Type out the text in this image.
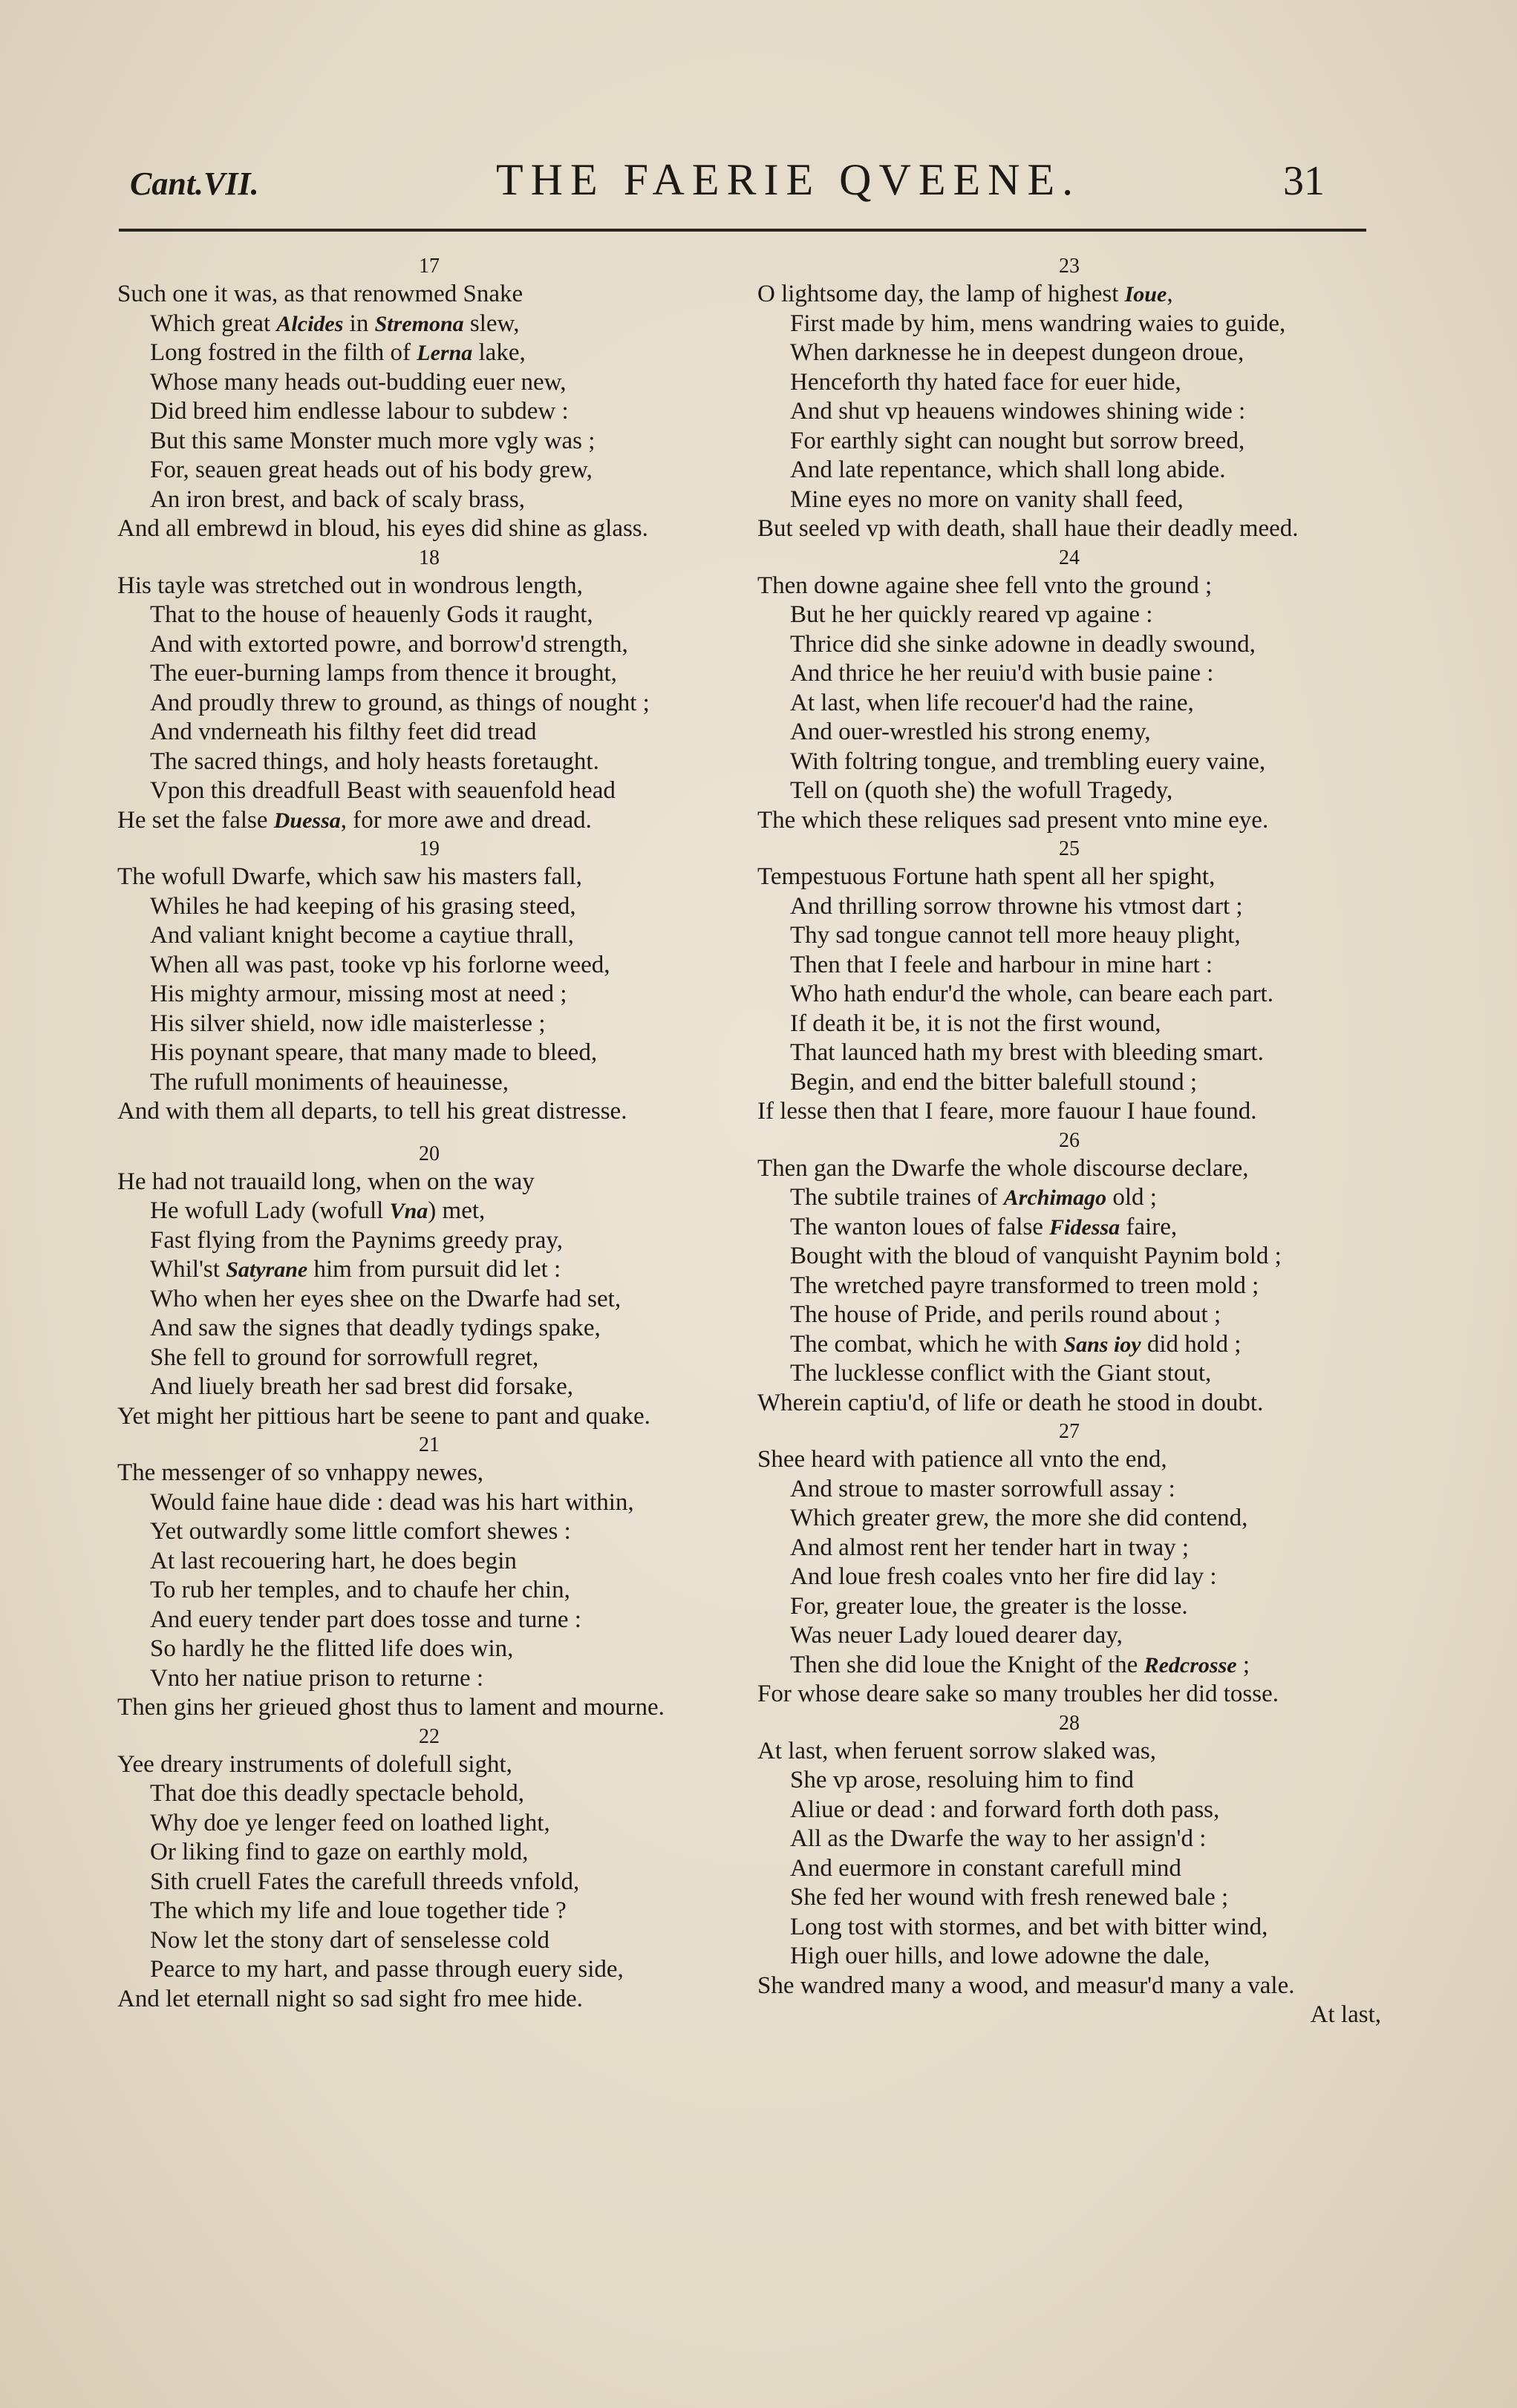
Cant.VII.	THE FAERIE QVEENE.	31
17
Such one it was, as that renowmed Snake
Which great Alcides in Stremona slew,
Long fostred in the filth of Lerna lake,
Whose many heads out-budding euer new,
Did breed him endlesse labour to subdew :
But this same Monster much more vgly was ;
For, seauen great heads out of his body grew,
An iron brest, and back of scaly brass,
And all embrewd in bloud, his eyes did shine as glass.
18
His tayle was stretched out in wondrous length,
That to the house of heauenly Gods it raught,
And with extorted powre, and borrow'd strength,
The euer-burning lamps from thence it brought,
And proudly threw to ground, as things of nought ;
And vnderneath his filthy feet did tread
The sacred things, and holy heasts foretaught.
Vpon this dreadfull Beast with seauenfold head
He set the false Duessa, for more awe and dread.
19
The wofull Dwarfe, which saw his masters fall,
Whiles he had keeping of his grasing steed,
And valiant knight become a caytiue thrall,
When all was past, tooke vp his forlorne weed,
His mighty armour, missing most at need ;
His silver shield, now idle maisterlesse ;
His poynant speare, that many made to bleed,
The rufull moniments of heauinesse,
And with them all departs, to tell his great distresse.
20
He had not trauaild long, when on the way
He wofull Lady (wofull Vna) met,
Fast flying from the Paynims greedy pray,
Whil'st Satyrane him from pursuit did let :
Who when her eyes shee on the Dwarfe had set,
And saw the signes that deadly tydings spake,
She fell to ground for sorrowfull regret,
And liuely breath her sad brest did forsake,
Yet might her pittious hart be seene to pant and quake.
21
The messenger of so vnhappy newes,
Would faine haue dide : dead was his hart within,
Yet outwardly some little comfort shewes :
At last recouering hart, he does begin
To rub her temples, and to chaufe her chin,
And euery tender part does tosse and turne :
So hardly he the flitted life does win,
Vnto her natiue prison to returne :
Then gins her grieued ghost thus to lament and mourne.
22
Yee dreary instruments of dolefull sight,
That doe this deadly spectacle behold,
Why doe ye lenger feed on loathed light,
Or liking find to gaze on earthly mold,
Sith cruell Fates the carefull threeds vnfold,
The which my life and loue together tide ?
Now let the stony dart of senselesse cold
Pearce to my hart, and passe through euery side,
And let eternall night so sad sight fro mee hide.
23
O lightsome day, the lamp of highest Ioue,
First made by him, mens wandring waies to guide,
When darknesse he in deepest dungeon droue,
Henceforth thy hated face for euer hide,
And shut vp heauens windowes shining wide :
For earthly sight can nought but sorrow breed,
And late repentance, which shall long abide.
Mine eyes no more on vanity shall feed,
But seeled vp with death, shall haue their deadly meed.
24
Then downe againe shee fell vnto the ground ;
But he her quickly reared vp againe :
Thrice did she sinke adowne in deadly swound,
And thrice he her reuiu'd with busie paine :
At last, when life recouer'd had the raine,
And ouer-wrestled his strong enemy,
With foltring tongue, and trembling euery vaine,
Tell on (quoth she) the wofull Tragedy,
The which these reliques sad present vnto mine eye.
25
Tempestuous Fortune hath spent all her spight,
And thrilling sorrow throwne his vtmost dart ;
Thy sad tongue cannot tell more heauy plight,
Then that I feele and harbour in mine hart :
Who hath endur'd the whole, can beare each part.
If death it be, it is not the first wound,
That launced hath my brest with bleeding smart.
Begin, and end the bitter balefull stound ;
If lesse then that I feare, more fauour I haue found.
26
Then gan the Dwarfe the whole discourse declare,
The subtile traines of Archimago old ;
The wanton loues of false Fidessa faire,
Bought with the bloud of vanquisht Paynim bold ;
The wretched payre transformed to treen mold ;
The house of Pride, and perils round about ;
The combat, which he with Sans ioy did hold ;
The lucklesse conflict with the Giant stout,
Wherein captiu'd, of life or death he stood in doubt.
27
Shee heard with patience all vnto the end,
And stroue to master sorrowfull assay :
Which greater grew, the more she did contend,
And almost rent her tender hart in tway ;
And loue fresh coales vnto her fire did lay :
For, greater loue, the greater is the losse.
Was neuer Lady loued dearer day,
Then she did loue the Knight of the Redcrosse ;
For whose deare sake so many troubles her did tosse.
28
At last, when feruent sorrow slaked was,
She vp arose, resoluing him to find
Aliue or dead : and forward forth doth pass,
All as the Dwarfe the way to her assign'd :
And euermore in constant carefull mind
She fed her wound with fresh renewed bale ;
Long tost with stormes, and bet with bitter wind,
High ouer hills, and lowe adowne the dale,
She wandred many a wood, and measur'd many a vale.
At last,
